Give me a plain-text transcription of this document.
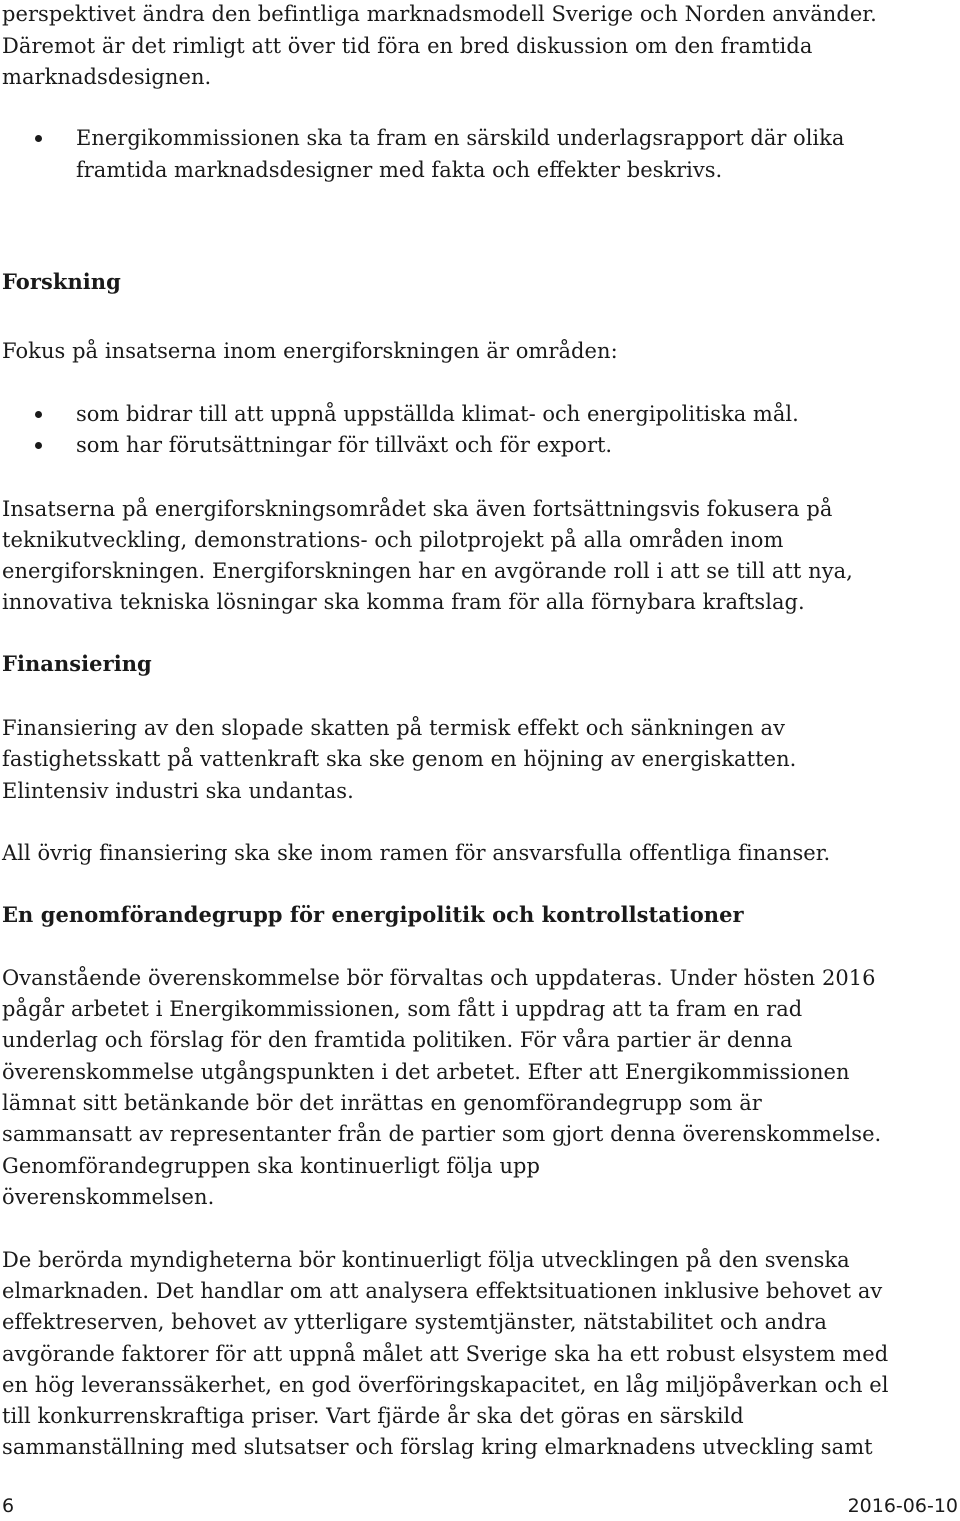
perspektivet ändra den befintliga marknadsmodell Sverige och Norden använder.
Däremot är det rimligt att över tid föra en bred diskussion om den framtida
marknadsdesignen.
Energikommissionen ska ta fram en särskild underlagsrapport där olika
framtida marknadsdesigner med fakta och effekter beskrivs.
Forskning
Fokus på insatserna inom energiforskningen är områden:
som bidrar till att uppnå uppställda klimat- och energipolitiska mål.
som har förutsättningar för tillväxt och för export.
Insatserna på energiforskningsområdet ska även fortsättningsvis fokusera på
teknikutveckling, demonstrations- och pilotprojekt på alla områden inom
energiforskningen. Energiforskningen har en avgörande roll i att se till att nya,
innovativa tekniska lösningar ska komma fram för alla förnybara kraftslag.
Finansiering
Finansiering av den slopade skatten på termisk effekt och sänkningen av
fastighetsskatt på vattenkraft ska ske genom en höjning av energiskatten.
Elintensiv industri ska undantas.
All övrig finansiering ska ske inom ramen för ansvarsfulla offentliga finanser.
En genomförandegrupp för energipolitik och kontrollstationer
Ovanstående överenskommelse bör förvaltas och uppdateras. Under hösten 2016
pågår arbetet i Energikommissionen, som fått i uppdrag att ta fram en rad
underlag och förslag för den framtida politiken. För våra partier är denna
överenskommelse utgångspunkten i det arbetet. Efter att Energikommissionen
lämnat sitt betänkande bör det inrättas en genomförandegrupp som är
sammansatt av representanter från de partier som gjort denna överenskommelse.
Genomförandegruppen ska kontinuerligt följa upp
överenskommelsen.
De berörda myndigheterna bör kontinuerligt följa utvecklingen på den svenska
elmarknaden. Det handlar om att analysera effektsituationen inklusive behovet av
effektreserven, behovet av ytterligare systemtjänster, nätstabilitet och andra
avgörande faktorer för att uppnå målet att Sverige ska ha ett robust elsystem med
en hög leveranssäkerhet, en god överföringskapacitet, en låg miljöpåverkan och el
till konkurrenskraftiga priser. Vart fjärde år ska det göras en särskild
sammanställning med slutsatser och förslag kring elmarknadens utveckling samt
6	2016-06-10
